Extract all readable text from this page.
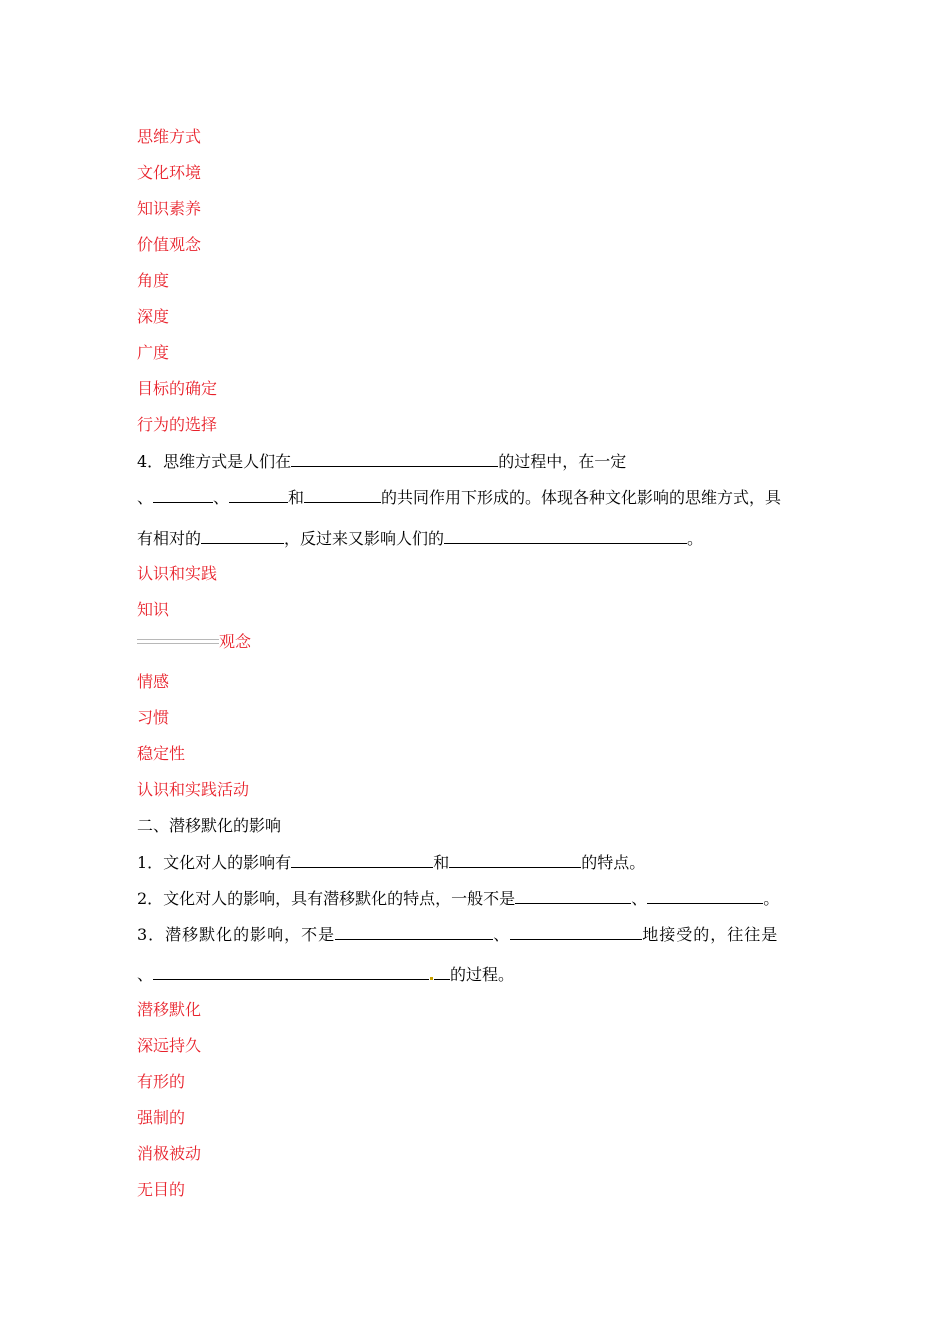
思维方式
文化环境
知识素养
价值观念
角度
深度
广度
目标的确定
行为的选择
4．思维方式是人们在	的过程中，在一定
、	、	和	的共同作用下形成的。体现各种文化影响的思维方式，具
有相对的	，反过来又影响人们的	。
认识和实践
知识
观念
情感
习惯
稳定性
认识和实践活动
二、潜移默化的影响
1．文化对人的影响有	和	的特点。
2．文化对人的影响，具有潜移默化的特点，一般不是	、	。
3．潜移默化的影响，不是	、	地接受的，往往是
、	的过程。
潜移默化
深远持久
有形的
强制的
消极被动
无目的
